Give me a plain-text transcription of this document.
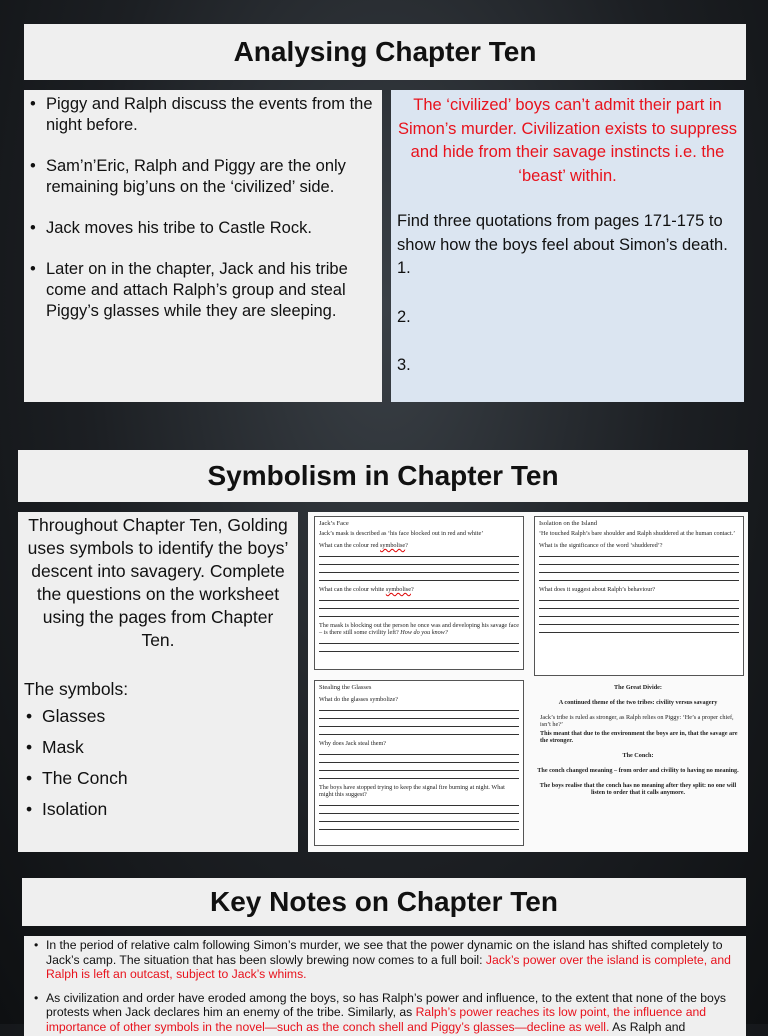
Analysing Chapter Ten
• Piggy and Ralph discuss the events from the night before.
• Sam’n’Eric, Ralph and Piggy are the only remaining big’uns on the ‘civilized’ side.
• Jack moves his tribe to Castle Rock.
• Later on in the chapter, Jack and his tribe come and attach Ralph’s group and steal Piggy’s glasses while they are sleeping.
The ‘civilized’ boys can’t admit their part in Simon’s murder. Civilization exists to suppress and hide from their savage instincts i.e. the ‘beast’ within.
Find three quotations from pages 171-175 to show how the boys feel about Simon’s death.
1.
2.
3.
Symbolism in Chapter Ten
Throughout Chapter Ten, Golding uses symbols to identify the boys’ descent into savagery. Complete the questions on the worksheet using the pages from Chapter Ten.
The symbols:
• Glasses
• Mask
• The Conch
• Isolation
Jack’s Face
Jack’s mask is described as ‘his face blocked out in red and white’
What can the colour red symbolise?
What can the colour white symbolise?
The mask is blocking out the person he once was and developing his savage face – is there still some civility left? How do you know?
Isolation on the Island
‘He touched Ralph’s bare shoulder and Ralph shuddered at the human contact.’
What is the significance of the word ‘shuddered’?
What does it suggest about Ralph’s behaviour?
Stealing the Glasses
What do the glasses symbolize?
Why does Jack steal them?
The boys have stopped trying to keep the signal fire burning at night. What might this suggest?
The Great Divide:
A continued theme of the two tribes: civility versus savagery
Jack’s tribe is ruled as stronger, as Ralph relies on Piggy: ‘He’s a proper chief, isn’t he?’
This meant that due to the environment the boys are in, that the savage are the stronger.
The Conch:
The conch changed meaning – from order and civility to having no meaning.
The boys realise that the conch has no meaning after they split: no one will listen to order that it calls anymore.
Key Notes on Chapter Ten
• In the period of relative calm following Simon’s murder, we see that the power dynamic on the island has shifted completely to Jack’s camp. The situation that has been slowly brewing now comes to a full boil: Jack’s power over the island is complete, and Ralph is left an outcast, subject to Jack’s whims.
• As civilization and order have eroded among the boys, so has Ralph’s power and influence, to the extent that none of the boys protests when Jack declares him an enemy of the tribe. Similarly, as Ralph’s power reaches its low point, the influence and importance of other symbols in the novel—such as the conch shell and Piggy’s glasses—decline as well. As Ralph and
